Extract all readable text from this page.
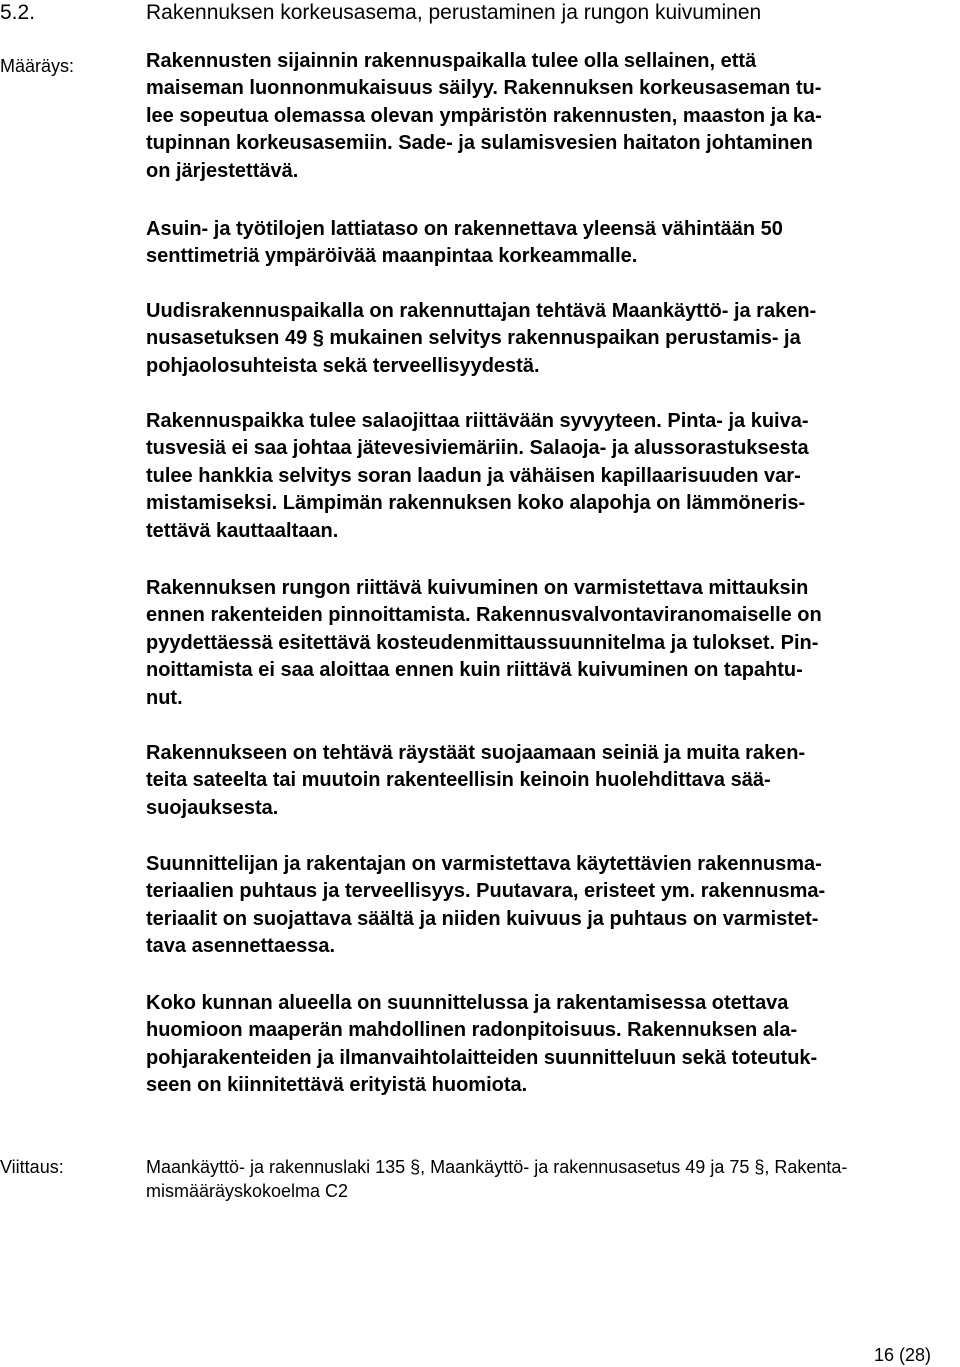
5.2.	Rakennuksen korkeusasema, perustaminen ja rungon kuivuminen
Määräys:	Rakennusten sijainnin rakennuspaikalla tulee olla sellainen, että
maiseman luonnonmukaisuus säilyy. Rakennuksen korkeusaseman tu-
lee sopeutua olemassa olevan ympäristön rakennusten, maaston ja ka-
tupinnan korkeusasemiin. Sade- ja sulamisvesien haitaton johtaminen
on järjestettävä.
Asuin- ja työtilojen lattiataso on rakennettava yleensä vähintään 50
senttimetriä ympäröivää maanpintaa korkeammalle.
Uudisrakennuspaikalla on rakennuttajan tehtävä Maankäyttö- ja raken-
nusasetuksen 49 § mukainen selvitys rakennuspaikan perustamis- ja
pohjaolosuhteista sekä terveellisyydestä.
Rakennuspaikka tulee salaojittaa riittävään syvyyteen. Pinta- ja kuiva-
tusvesiä ei saa johtaa jätevesiviemäriin. Salaoja- ja alussorastuksesta
tulee hankkia selvitys soran laadun ja vähäisen kapillaarisuuden var-
mistamiseksi. Lämpimän rakennuksen koko alapohja on lämmöneris-
tettävä kauttaaltaan.
Rakennuksen rungon riittävä kuivuminen on varmistettava mittauksin
ennen rakenteiden pinnoittamista. Rakennusvalvontaviranomaiselle on
pyydettäessä esitettävä kosteudenmittaussuunnitelma ja tulokset. Pin-
noittamista ei saa aloittaa ennen kuin riittävä kuivuminen on tapahtu-
nut.
Rakennukseen on tehtävä räystäät suojaamaan seiniä ja muita raken-
teita sateelta tai muutoin rakenteellisin keinoin huolehdittava sää-
suojauksesta.
Suunnittelijan ja rakentajan on varmistettava käytettävien rakennusma-
teriaalien puhtaus ja terveellisyys. Puutavara, eristeet ym. rakennusma-
teriaalit on suojattava säältä ja niiden kuivuus ja puhtaus on varmistet-
tava asennettaessa.
Koko kunnan alueella on suunnittelussa ja rakentamisessa otettava
huomioon maaperän mahdollinen radonpitoisuus. Rakennuksen ala-
pohjarakenteiden ja ilmanvaihtolaitteiden suunnitteluun sekä toteutuk-
seen on kiinnitettävä erityistä huomiota.
Viittaus:	Maankäyttö- ja rakennuslaki 135 §, Maankäyttö- ja rakennusasetus 49 ja 75 §, Rakenta-
mismääräyskokoelma C2
16 (28)
